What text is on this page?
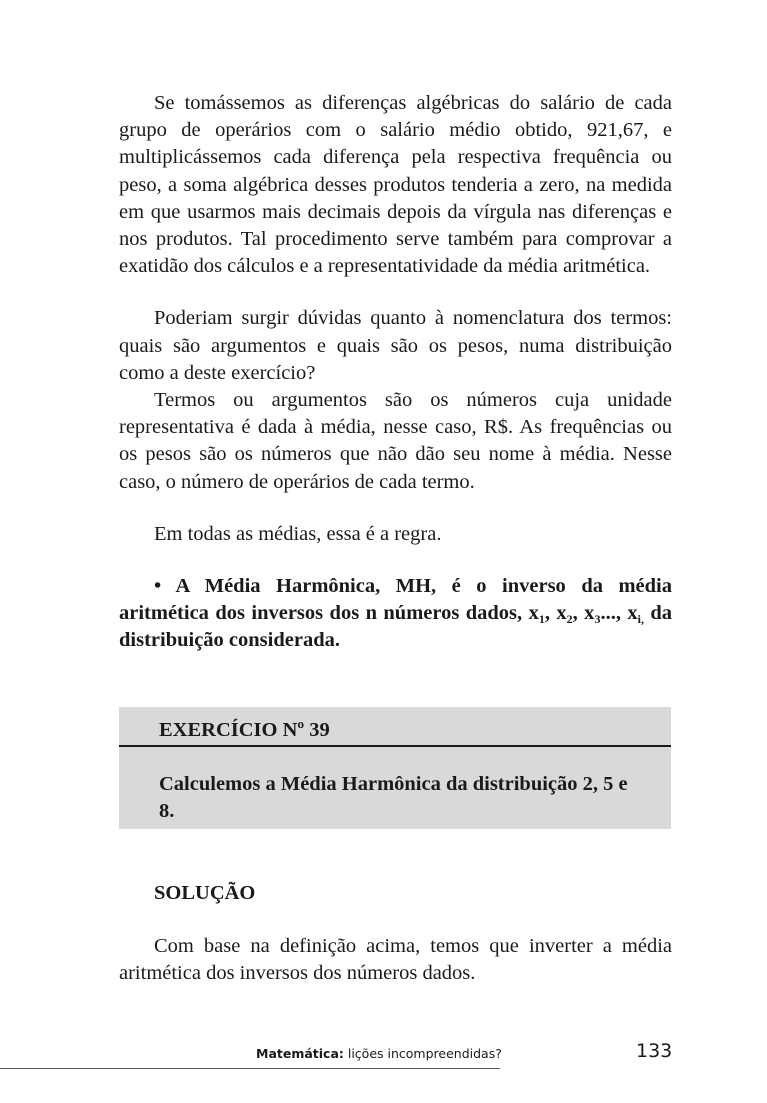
Se tomássemos as diferenças algébricas do salário de cada grupo de operários com o salário médio obtido, 921,67, e multiplicássemos cada diferença pela respectiva frequência ou peso, a soma algébrica desses produtos tenderia a zero, na medida em que usarmos mais decimais depois da vírgula nas diferenças e nos produtos. Tal procedimento serve também para comprovar a exatidão dos cálculos e a representatividade da média aritmética.

Poderiam surgir dúvidas quanto à nomenclatura dos termos: quais são argumentos e quais são os pesos, numa distribuição como a deste exercício?

Termos ou argumentos são os números cuja unidade representativa é dada à média, nesse caso, R$. As frequências ou os pesos são os números que não dão seu nome à média. Nesse caso, o número de operários de cada termo.

Em todas as médias, essa é a regra.

• A Média Harmônica, MH, é o inverso da média aritmética dos inversos dos n números dados, $x_1$, $x_2$, $x_3$..., $x_{i,}$ da distribuição considerada.

EXERCÍCIO Nº 39
Calculemos a Média Harmônica da distribuição 2, 5 e 8.
SOLUÇÃO

Com base na definição acima, temos que inverter a média aritmética dos inversos dos números dados.

Matemática: lições incompreendidas?	133
